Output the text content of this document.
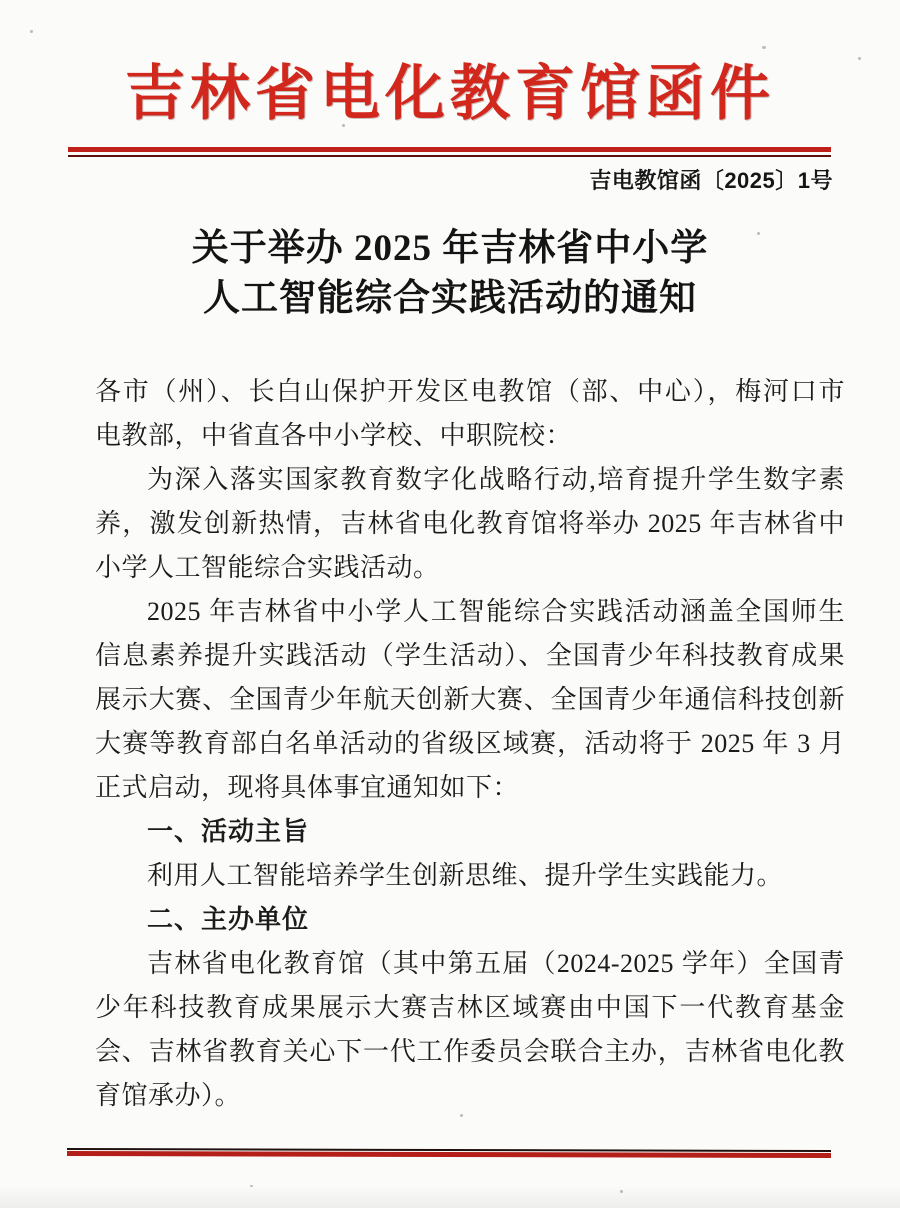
吉林省电化教育馆函件
吉电教馆函〔2025〕1号
关于举办 2025 年吉林省中小学
人工智能综合实践活动的通知
各市（州）、长白山保护开发区电教馆（部、中心），梅河口市
电教部，中省直各中小学校、中职院校：
为深入落实国家教育数字化战略行动,培育提升学生数字素
养，激发创新热情，吉林省电化教育馆将举办 2025 年吉林省中
小学人工智能综合实践活动。
2025 年吉林省中小学人工智能综合实践活动涵盖全国师生
信息素养提升实践活动（学生活动）、全国青少年科技教育成果
展示大赛、全国青少年航天创新大赛、全国青少年通信科技创新
大赛等教育部白名单活动的省级区域赛，活动将于 2025 年 3 月
正式启动，现将具体事宜通知如下：
一、活动主旨
利用人工智能培养学生创新思维、提升学生实践能力。
二、主办单位
吉林省电化教育馆（其中第五届（2024-2025 学年）全国青
少年科技教育成果展示大赛吉林区域赛由中国下一代教育基金
会、吉林省教育关心下一代工作委员会联合主办，吉林省电化教
育馆承办）。
